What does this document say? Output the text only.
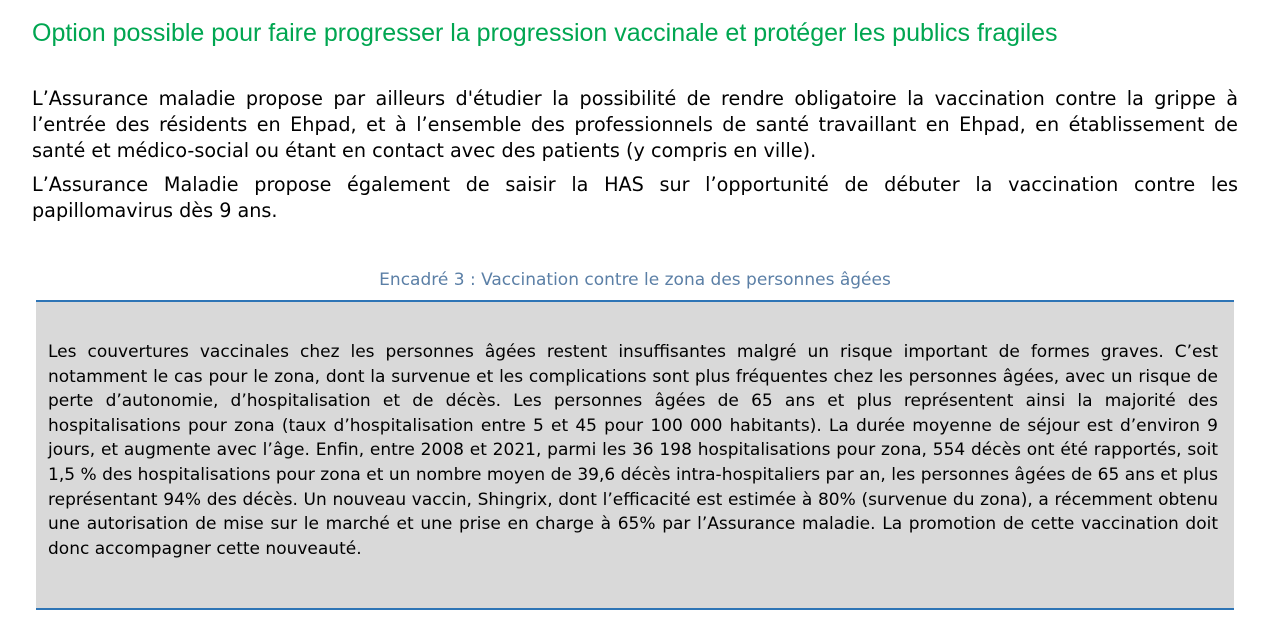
Option possible pour faire progresser la progression vaccinale et protéger les publics fragiles

L’Assurance maladie propose par ailleurs d'étudier la possibilité de rendre obligatoire la vaccination contre la grippe à l’entrée des résidents en Ehpad, et à l’ensemble des professionnels de santé travaillant en Ehpad, en établissement de santé et médico-social ou étant en contact avec des patients (y compris en ville).

L’Assurance Maladie propose également de saisir la HAS sur l’opportunité de débuter la vaccination contre les papillomavirus dès 9 ans.

Encadré 3 : Vaccination contre le zona des personnes âgées

Les couvertures vaccinales chez les personnes âgées restent insuffisantes malgré un risque important de formes graves. C’est notamment le cas pour le zona, dont la survenue et les complications sont plus fréquentes chez les personnes âgées, avec un risque de perte d’autonomie, d’hospitalisation et de décès. Les personnes âgées de 65 ans et plus représentent ainsi la majorité des hospitalisations pour zona (taux d’hospitalisation entre 5 et 45 pour 100 000 habitants). La durée moyenne de séjour est d’environ 9 jours, et augmente avec l’âge. Enfin, entre 2008 et 2021, parmi les 36 198 hospitalisations pour zona, 554 décès ont été rapportés, soit 1,5 % des hospitalisations pour zona et un nombre moyen de 39,6 décès intra-hospitaliers par an, les personnes âgées de 65 ans et plus représentant 94% des décès. Un nouveau vaccin, Shingrix, dont l’efficacité est estimée à 80% (survenue du zona), a récemment obtenu une autorisation de mise sur le marché et une prise en charge à 65% par l’Assurance maladie. La promotion de cette vaccination doit donc accompagner cette nouveauté.
